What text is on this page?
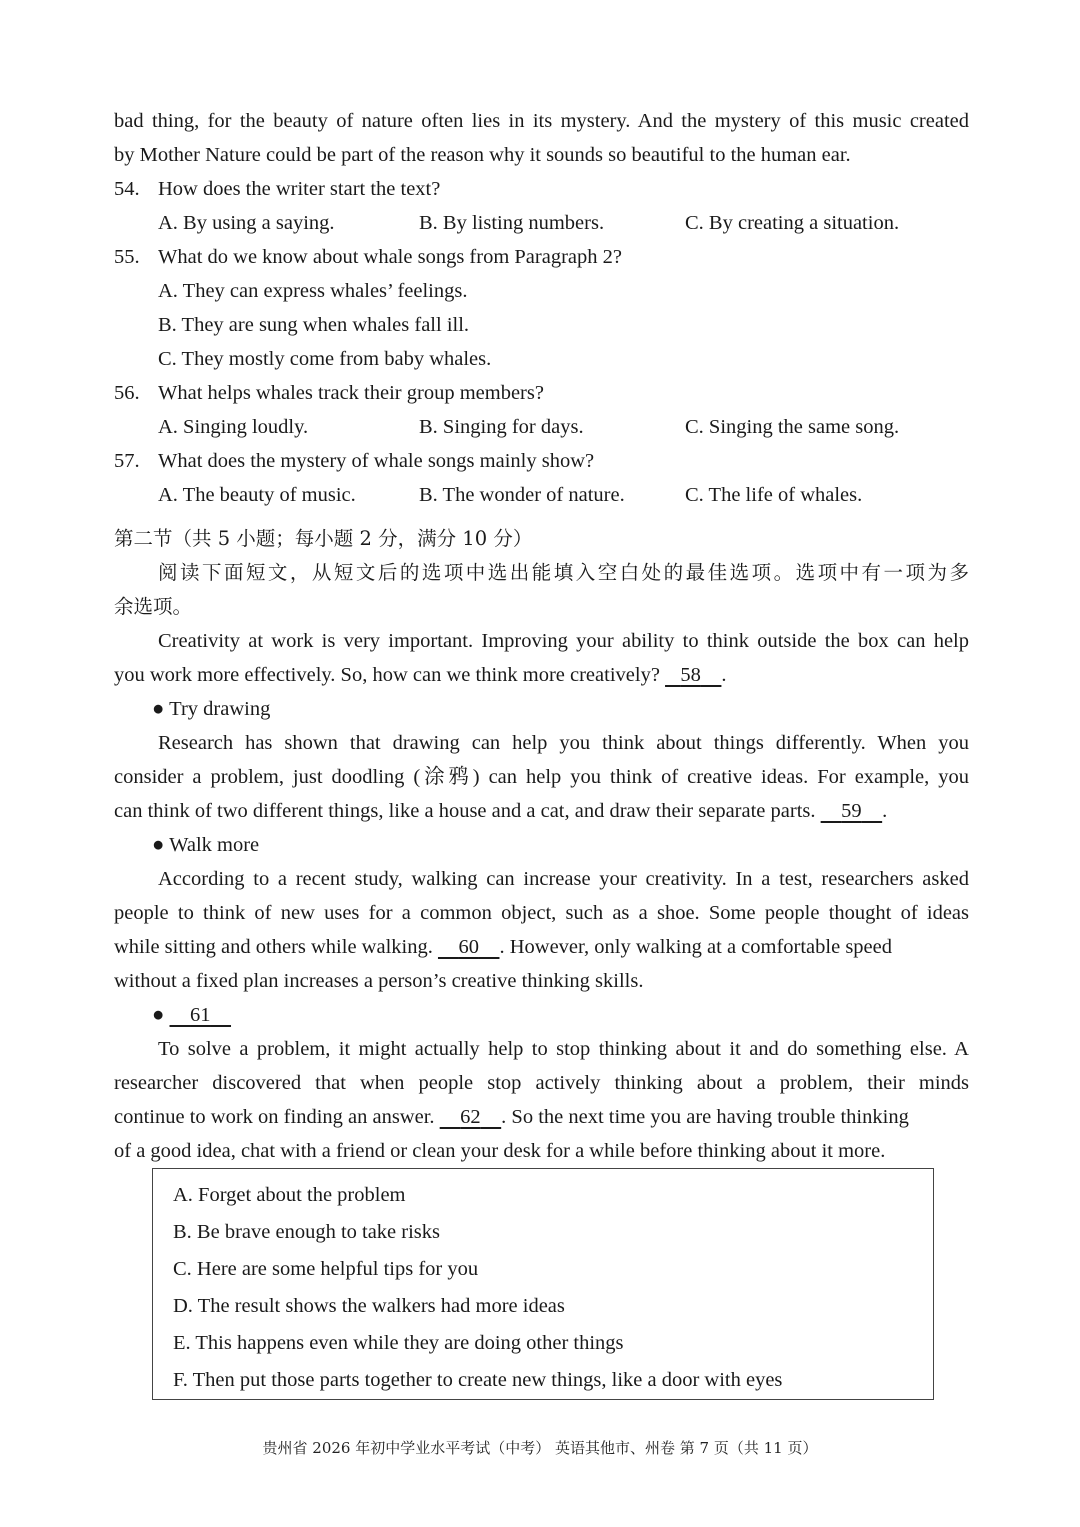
bad thing, for the beauty of nature often lies in its mystery. And the mystery of this music created
by Mother Nature could be part of the reason why it sounds so beautiful to the human ear.
54. How does the writer start the text?
A. By using a saying.	B. By listing numbers.	C. By creating a situation.
55. What do we know about whale songs from Paragraph 2?
A. They can express whales’ feelings.
B. They are sung when whales fall ill.
C. They mostly come from baby whales.
56. What helps whales track their group members?
A. Singing loudly.	B. Singing for days.	C. Singing the same song.
57. What does the mystery of whale songs mainly show?
A. The beauty of music.	B. The wonder of nature.	C. The life of whales.
第二节（共 5 小题；每小题 2 分，满分 10 分）
阅读下面短文，从短文后的选项中选出能填入空白处的最佳选项。选项中有一项为多
余选项。
Creativity at work is very important. Improving your ability to think outside the box can help
you work more effectively. So, how can we think more creatively? 58 .
● Try drawing
Research has shown that drawing can help you think about things differently. When you
consider a problem, just doodling (涂鸦) can help you think of creative ideas. For example, you
can think of two different things, like a house and a cat, and draw their separate parts. 59 .
● Walk more
According to a recent study, walking can increase your creativity. In a test, researchers asked
people to think of new uses for a common object, such as a shoe. Some people thought of ideas
while sitting and others while walking. 60 . However, only walking at a comfortable speed
without a fixed plan increases a person’s creative thinking skills.
●     61
To solve a problem, it might actually help to stop thinking about it and do something else. A
researcher discovered that when people stop actively thinking about a problem, their minds
continue to work on finding an answer. 62 . So the next time you are having trouble thinking
of a good idea, chat with a friend or clean your desk for a while before thinking about it more.
A. Forget about the problem
B. Be brave enough to take risks
C. Here are some helpful tips for you
D. The result shows the walkers had more ideas
E. This happens even while they are doing other things
F. Then put those parts together to create new things, like a door with eyes
贵州省 2026 年初中学业水平考试（中考） 英语其他市、州卷 第 7 页（共 11 页）
